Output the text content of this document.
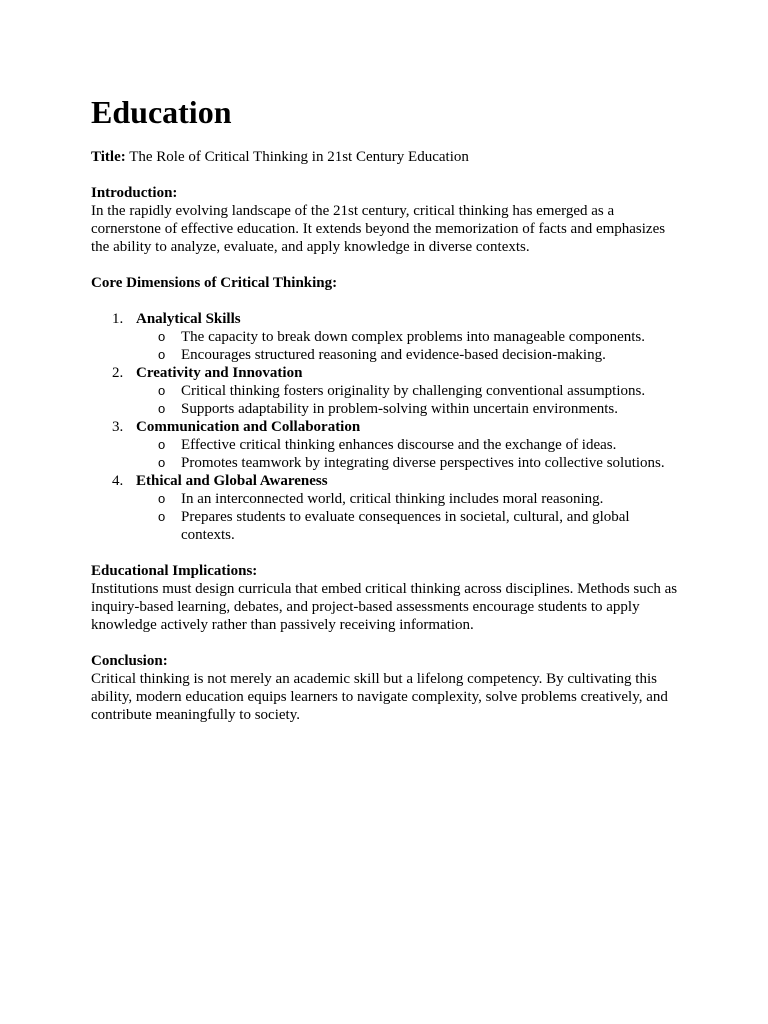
Education

Title: The Role of Critical Thinking in 21st Century Education

Introduction:

In the rapidly evolving landscape of the 21st century, critical thinking has emerged as a cornerstone of effective education. It extends beyond the memorization of facts and emphasizes the ability to analyze, evaluate, and apply knowledge in diverse contexts.

Core Dimensions of Critical Thinking:

1. Analytical Skills
o The capacity to break down complex problems into manageable components.
o Encourages structured reasoning and evidence-based decision-making.
2. Creativity and Innovation
o Critical thinking fosters originality by challenging conventional assumptions.
o Supports adaptability in problem-solving within uncertain environments.
3. Communication and Collaboration
o Effective critical thinking enhances discourse and the exchange of ideas.
o Promotes teamwork by integrating diverse perspectives into collective solutions.
4. Ethical and Global Awareness
o In an interconnected world, critical thinking includes moral reasoning.
o Prepares students to evaluate consequences in societal, cultural, and global contexts.

Educational Implications:

Institutions must design curricula that embed critical thinking across disciplines. Methods such as inquiry-based learning, debates, and project-based assessments encourage students to apply knowledge actively rather than passively receiving information.

Conclusion:

Critical thinking is not merely an academic skill but a lifelong competency. By cultivating this ability, modern education equips learners to navigate complexity, solve problems creatively, and contribute meaningfully to society.
